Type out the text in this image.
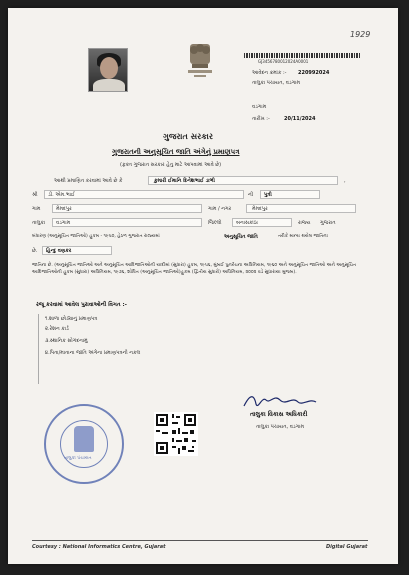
1929
GJ3456780012024A0001
આવેદન ક્રમાંક :- 220992024
તાલુકા પંચાયત, વડગામ
વડગામ
તારીખ :-	20/11/2024
ગુજરાત સરકાર
ગુજરાતની અનુસૂચિત જાતિ અંગેનું પ્રમાણપત્ર
(ફક્ત ગુજરાત સરકાર હેતુ માટે આપવામાં આવે છે)
આથી પ્રમાણિત કરવામાં આવે છે કે	કુમારી ઈમાનિ દિનેશભાઈ ડાભી	,
શ્રી ડી. એમ.ભાઈ	ની પુત્રી
ગામ	મેમદપુર	ગામ / નગર	મેમદપુર
તાલુકા વડગામ	જિલ્લો	બનાસકાંઠા	રાજ્ય ગુજરાત
બંધારણ (અનુસૂચિત જાતિઓ) હુકમ - ૧૯૫૦, હેઠળ ગુજરાત રાજ્યમાં	અનુસૂચિત જાતિ	તરીકે માન્ય થયેલ જાતિના
છે. હિન્દુ વણકર
જાતિના છે. (અનુસૂચિત જાતિઓ અને અનુસૂચિત આદિજાતિઓની યાદીમાં (સુધારા) હુકમ, ૧૯૫૬, મુંબઈ પુનર્રચના અધિનિયમ, ૧૯૬૦ અને અનુસૂચિત જાતિઓ અને અનુસૂચિત આદિજાતિઓની હુકમ (સુધારા) અધિનિયમ, ૧૯૭૬, શોધિત (અનુસૂચિત જાતિઓ)હુકમ (દ્વિતીય સુધારો) અધિનિયમ, ૨૦૦૨ વડે સુધારાયા મુજબ).
રજૂ કરવામાં આવેલ પુરાવાઓની વિગત :-
૧.શાળા છોડ્યાનું પ્રમાણપત્ર
૨.રેશન કાર્ડ
૩.સ્થાનિક સોગંદનામું
૪.પિતા/માતાના જાતિ અંગેના પ્રમાણપત્રની નકલ
તાલુકા પંચાયત
તાલુકા વિકાસ અધિકારી
તાલુકા પંચાયત, વડગામ
Courtesy : National Informatics Centre, Gujarat	Digital Gujarat
